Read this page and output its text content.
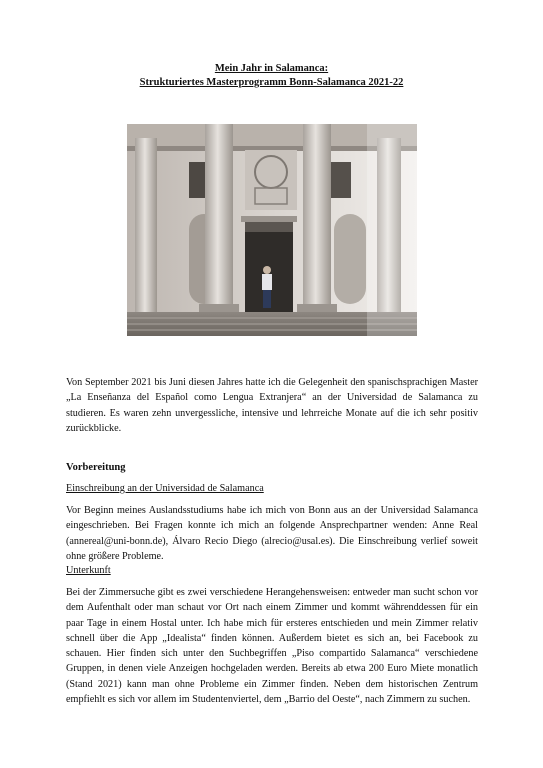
Mein Jahr in Salamanca:
Strukturiertes Masterprogramm Bonn-Salamanca 2021-22

Von September 2021 bis Juni diesen Jahres hatte ich die Gelegenheit den spanischsprachigen Master „La Enseñanza del Español como Lengua Extranjera“ an der Universidad de Salamanca zu studieren. Es waren zehn unvergessliche, intensive und lehrreiche Monate auf die ich sehr positiv zurückblicke.

Vorbereitung
Einschreibung an der Universidad de Salamanca

Vor Beginn meines Auslandsstudiums habe ich mich von Bonn aus an der Universidad Salamanca eingeschrieben. Bei Fragen konnte ich mich an folgende Ansprechpartner wenden: Anne Real (annereal@uni-bonn.de), Álvaro Recio Diego (alrecio@usal.es). Die Einschreibung verlief soweit ohne größere Probleme.

Unterkunft

Bei der Zimmersuche gibt es zwei verschiedene Herangehensweisen: entweder man sucht schon vor dem Aufenthalt oder man schaut vor Ort nach einem Zimmer und kommt währenddessen für ein paar Tage in einem Hostal unter. Ich habe mich für ersteres entschieden und mein Zimmer relativ schnell über die App „Idealista“ finden können. Außerdem bietet es sich an, bei Facebook zu schauen. Hier finden sich unter den Suchbegriffen „Piso compartido Salamanca“ verschiedene Gruppen, in denen viele Anzeigen hochgeladen werden. Bereits ab etwa 200 Euro Miete monatlich (Stand 2021) kann man ohne Probleme ein Zimmer finden. Neben dem historischen Zentrum empfiehlt es sich vor allem im Studentenviertel, dem „Barrio del Oeste“, nach Zimmern zu suchen.
